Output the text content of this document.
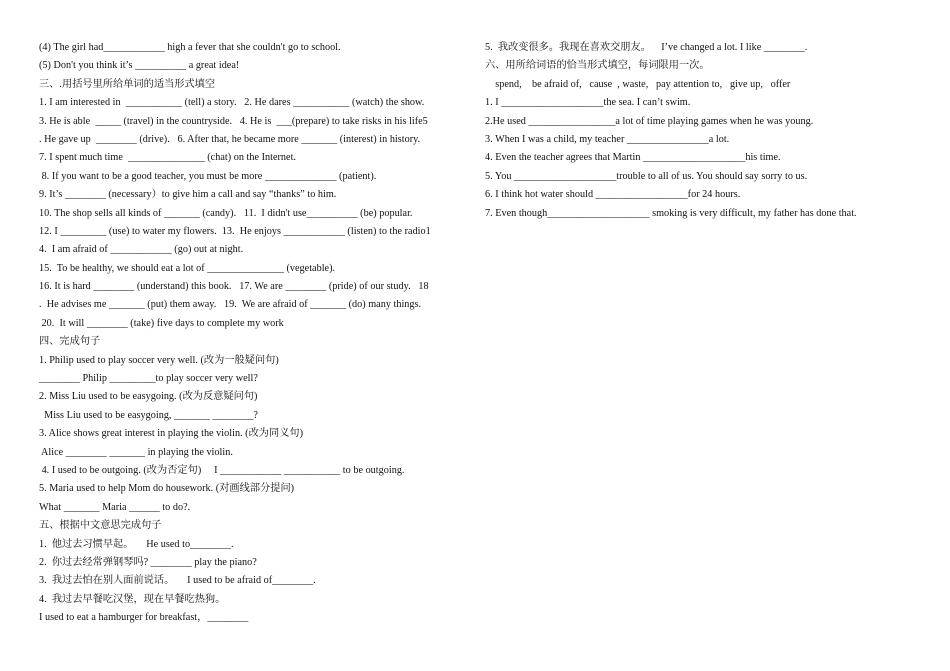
(4) The girl had____________ high a fever that she couldn't go to school.
(5) Don't you think it’s __________ a great idea!
三、.用括号里所给单词的适当形式填空
1. I am interested in  ___________ (tell) a story.   2. He dares ___________ (watch) the show.
3. He is able  _____ (travel) in the countryside.   4. He is  ___(prepare) to take risks in his life5
. He gave up  ________ (drive).   6. After that, he became more _______ (interest) in history.
7. I spent much time  _______________ (chat) on the Internet.
8. If you want to be a good teacher, you must be more ______________ (patient).
9. It’s ________ (necessary）to give him a call and say “thanks” to him.
10. The shop sells all kinds of _______ (candy).   11.  I didn't use__________ (be) popular.
12. I _________ (use) to water my flowers.  13.  He enjoys ____________ (listen) to the radio1
4.  I am afraid of ____________ (go) out at night.
15.  To be healthy, we should eat a lot of _______________ (vegetable).
16. It is hard ________ (understand) this book.   17. We are ________ (pride) of our study.   18
.  He advises me _______ (put) them away.   19.  We are afraid of _______ (do) many things.
20.  It will ________ (take) five days to complete my work
四、完成句子
1. Philip used to play soccer very well. (改为一般疑问句)
________ Philip _________to play soccer very well?
2. Miss Liu used to be easygoing. (改为反意疑问句)
Miss Liu used to be easygoing, _______ ________?
3. Alice shows great interest in playing the violin. (改为同义句)
Alice ________ _______ in playing the violin.
4. I used to be outgoing. (改为否定句)     I ____________ ___________ to be outgoing.
5. Maria used to help Mom do housework. (对画线部分提问)
What _______ Maria ______ to do?.
五、根据中文意思完成句子
1.  他过去习惯早起。     He used to________.
2.  你过去经常弹钢琴吗? ________ play the piano?
3.  我过去怕在别人面前说话。     I used to be afraid of________.
4.  我过去早餐吃汉堡，现在早餐吃热狗。
I used to eat a hamburger for breakfast，________
5.  我改变很多。我现在喜欢交朋友。    I’ve changed a lot. I like ________.
六、用所给词语的恰当形式填空，每词限用一次。
spend,    be afraid of,   cause  , waste,   pay attention to,   give up,   offer
1. I ____________________the sea. I can’t swim.
2.He used _________________a lot of time playing games when he was young.
3. When I was a child, my teacher ________________a lot.
4. Even the teacher agrees that Martin ____________________his time.
5. You ____________________trouble to all of us. You should say sorry to us.
6. I think hot water should __________________for 24 hours.
7. Even though____________________ smoking is very difficult, my father has done that.
